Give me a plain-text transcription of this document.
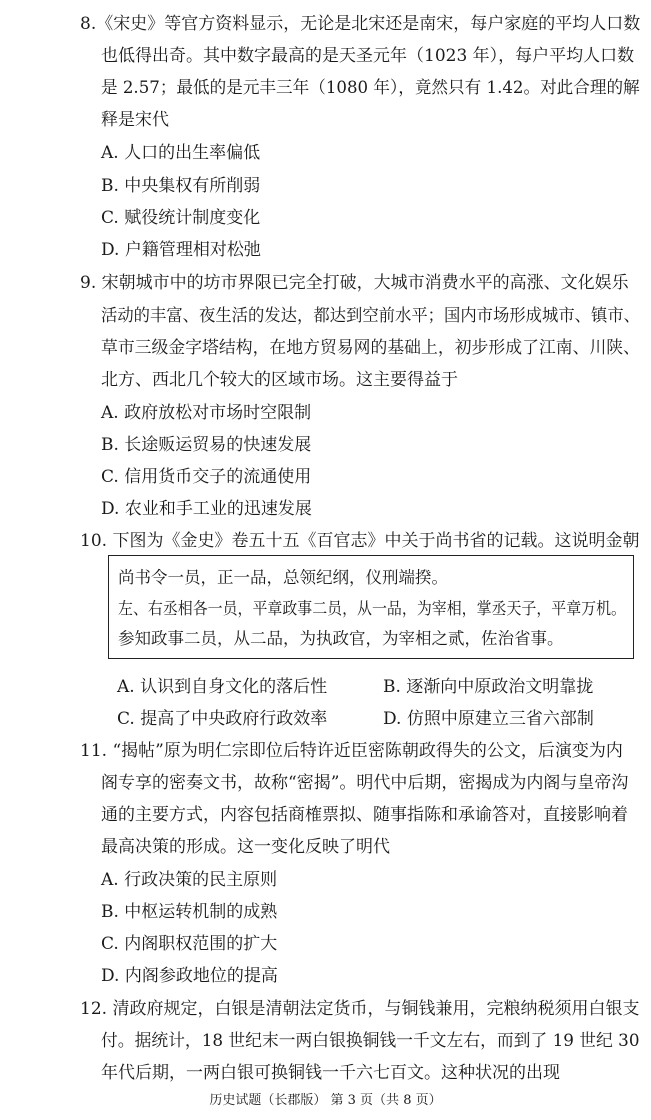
8.《宋史》等官方资料显示，无论是北宋还是南宋，每户家庭的平均人口数
也低得出奇。其中数字最高的是天圣元年（1023 年），每户平均人口数
是 2.57；最低的是元丰三年（1080 年），竟然只有 1.42。对此合理的解
释是宋代
A. 人口的出生率偏低
B. 中央集权有所削弱
C. 赋役统计制度变化
D. 户籍管理相对松弛
9. 宋朝城市中的坊市界限已完全打破，大城市消费水平的高涨、文化娱乐
活动的丰富、夜生活的发达，都达到空前水平；国内市场形成城市、镇市、
草市三级金字塔结构，在地方贸易网的基础上，初步形成了江南、川陕、
北方、西北几个较大的区域市场。这主要得益于
A. 政府放松对市场时空限制
B. 长途贩运贸易的快速发展
C. 信用货币交子的流通使用
D. 农业和手工业的迅速发展
10. 下图为《金史》卷五十五《百官志》中关于尚书省的记载。这说明金朝
尚书令一员，正一品，总领纪纲，仪刑端揆。
左、右丞相各一员，平章政事二员，从一品，为宰相，掌丞天子，平章万机。
参知政事二员，从二品，为执政官，为宰相之贰，佐治省事。
A. 认识到自身文化的落后性	B. 逐渐向中原政治文明靠拢
C. 提高了中央政府行政效率	D. 仿照中原建立三省六部制
11. “揭帖”原为明仁宗即位后特许近臣密陈朝政得失的公文，后演变为内
阁专享的密奏文书，故称“密揭”。明代中后期，密揭成为内阁与皇帝沟
通的主要方式，内容包括商榷票拟、随事指陈和承谕答对，直接影响着
最高决策的形成。这一变化反映了明代
A. 行政决策的民主原则
B. 中枢运转机制的成熟
C. 内阁职权范围的扩大
D. 内阁参政地位的提高
12. 清政府规定，白银是清朝法定货币，与铜钱兼用，完粮纳税须用白银支
付。据统计，18 世纪末一两白银换铜钱一千文左右，而到了 19 世纪 30
年代后期，一两白银可换铜钱一千六七百文。这种状况的出现
历史试题（长郡版） 第 3 页（共 8 页）
